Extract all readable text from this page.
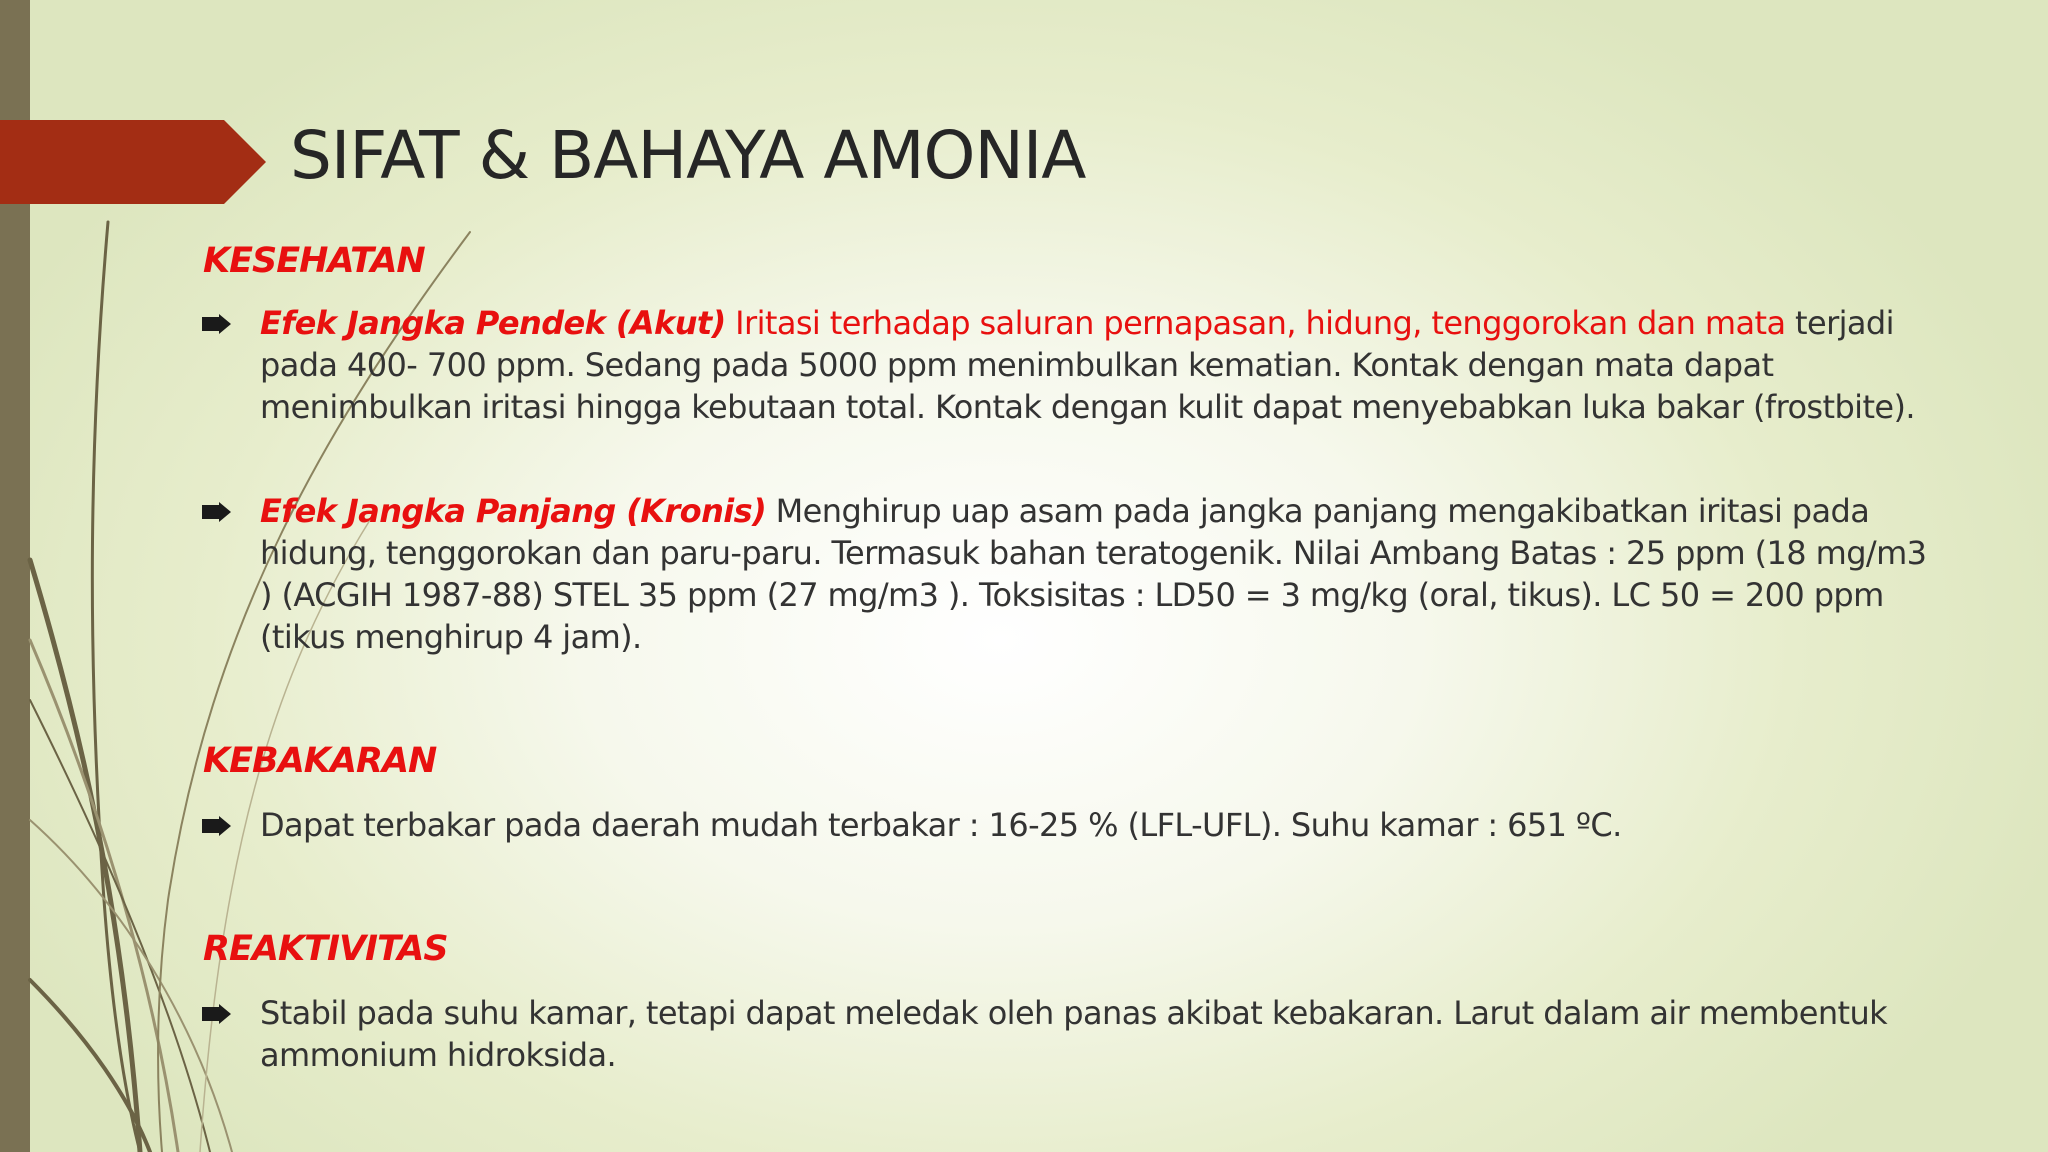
SIFAT & BAHAYA AMONIA
KESEHATAN

Efek Jangka Pendek (Akut) Iritasi terhadap saluran pernapasan, hidung, tenggorokan dan mata terjadi pada 400- 700 ppm. Sedang pada 5000 ppm menimbulkan kematian. Kontak dengan mata dapat menimbulkan iritasi hingga kebutaan total. Kontak dengan kulit dapat menyebabkan luka bakar (frostbite).

Efek Jangka Panjang (Kronis) Menghirup uap asam pada jangka panjang mengakibatkan iritasi pada hidung, tenggorokan dan paru-paru. Termasuk bahan teratogenik. Nilai Ambang Batas : 25 ppm (18 mg/m3 ) (ACGIH 1987-88) STEL 35 ppm (27 mg/m3 ). Toksisitas : LD50 = 3 mg/kg (oral, tikus). LC 50 = 200 ppm (tikus menghirup 4 jam).

KEBAKARAN

Dapat terbakar pada daerah mudah terbakar : 16-25 % (LFL-UFL). Suhu kamar : 651 ºC.

REAKTIVITAS

Stabil pada suhu kamar, tetapi dapat meledak oleh panas akibat kebakaran. Larut dalam air membentuk ammonium hidroksida.
